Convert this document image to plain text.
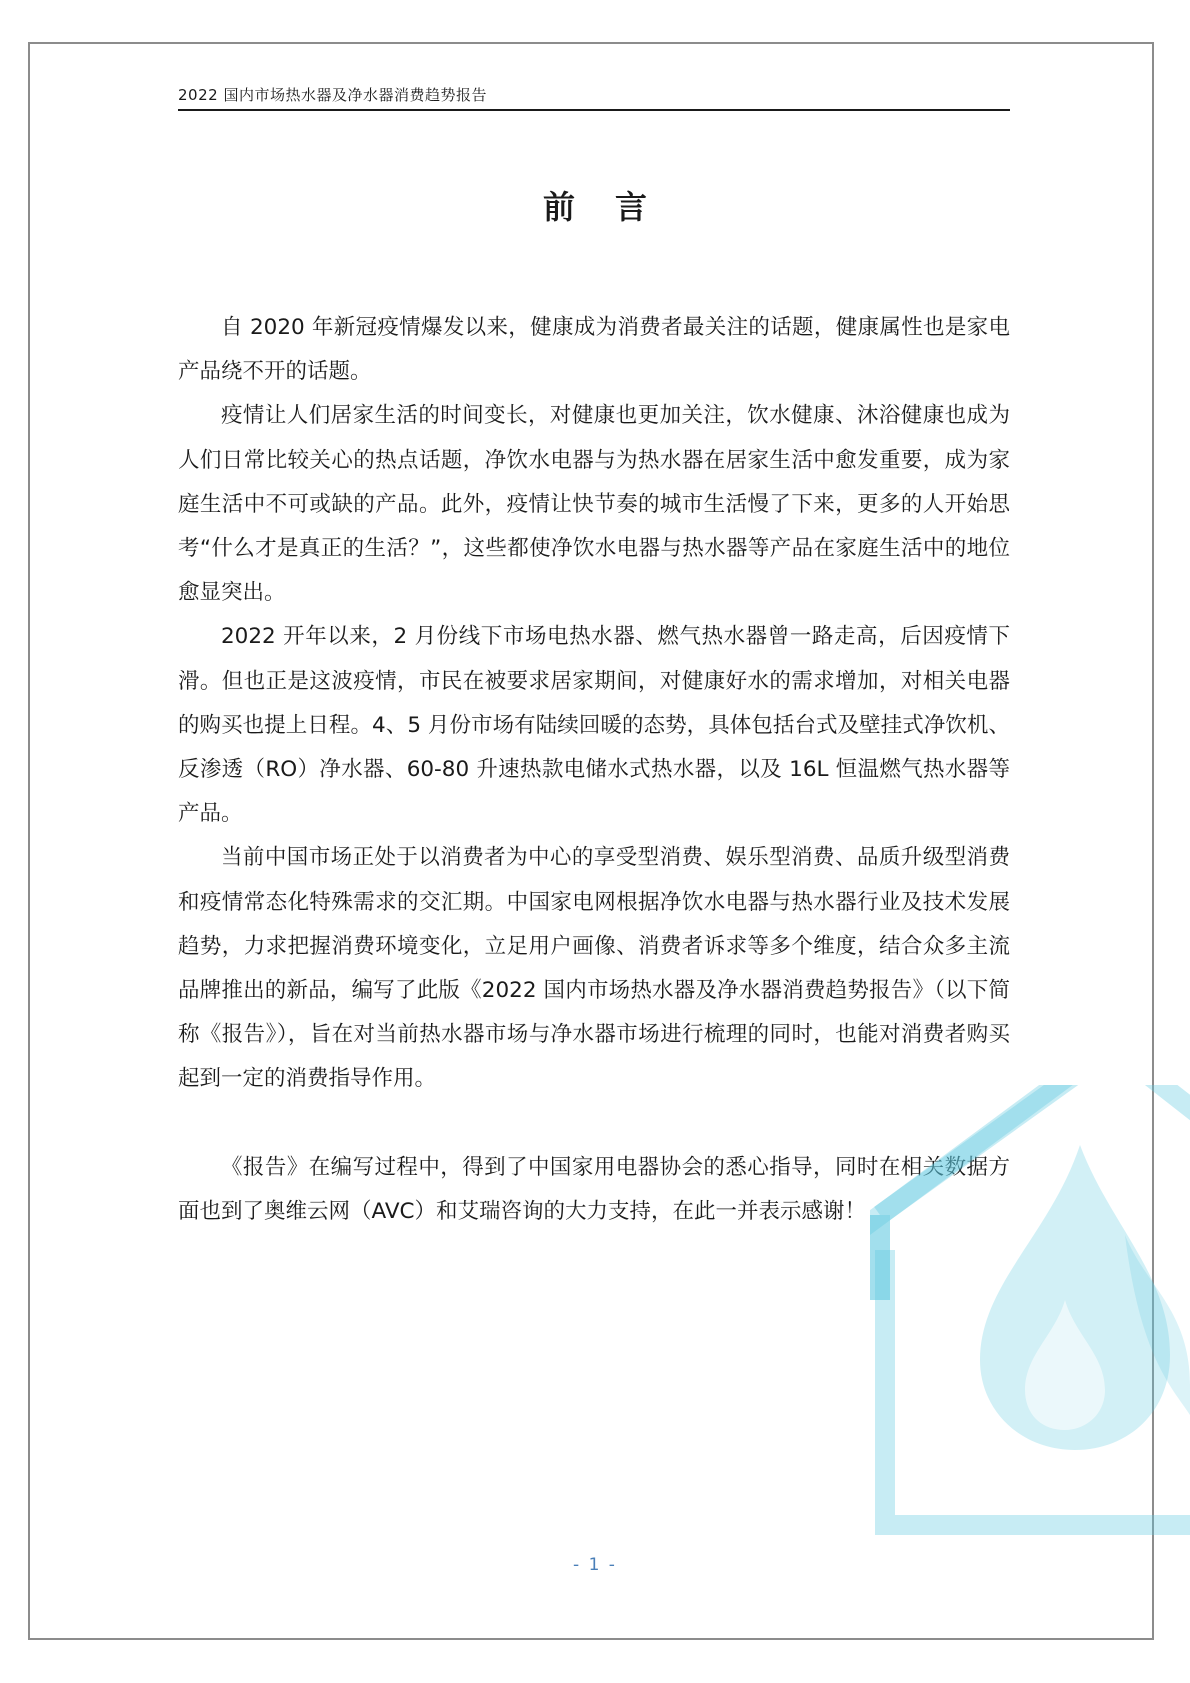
2022 国内市场热水器及净水器消费趋势报告
前言

自 2020 年新冠疫情爆发以来，健康成为消费者最关注的话题，健康属性也是家电产品绕不开的话题。

疫情让人们居家生活的时间变长，对健康也更加关注，饮水健康、沐浴健康也成为人们日常比较关心的热点话题，净饮水电器与为热水器在居家生活中愈发重要，成为家庭生活中不可或缺的产品。此外，疫情让快节奏的城市生活慢了下来，更多的人开始思考“什么才是真正的生活？”，这些都使净饮水电器与热水器等产品在家庭生活中的地位愈显突出。

2022 开年以来，2 月份线下市场电热水器、燃气热水器曾一路走高，后因疫情下滑。但也正是这波疫情，市民在被要求居家期间，对健康好水的需求增加，对相关电器的购买也提上日程。4、5 月份市场有陆续回暖的态势，具体包括台式及壁挂式净饮机、反渗透（RO）净水器、60-80 升速热款电储水式热水器，以及 16L 恒温燃气热水器等产品。

当前中国市场正处于以消费者为中心的享受型消费、娱乐型消费、品质升级型消费和疫情常态化特殊需求的交汇期。中国家电网根据净饮水电器与热水器行业及技术发展趋势，力求把握消费环境变化，立足用户画像、消费者诉求等多个维度，结合众多主流品牌推出的新品，编写了此版《2022 国内市场热水器及净水器消费趋势报告》（以下简称《报告》），旨在对当前热水器市场与净水器市场进行梳理的同时，也能对消费者购买起到一定的消费指导作用。

《报告》在编写过程中，得到了中国家用电器协会的悉心指导，同时在相关数据方面也到了奥维云网（AVC）和艾瑞咨询的大力支持，在此一并表示感谢！

- 1 -
